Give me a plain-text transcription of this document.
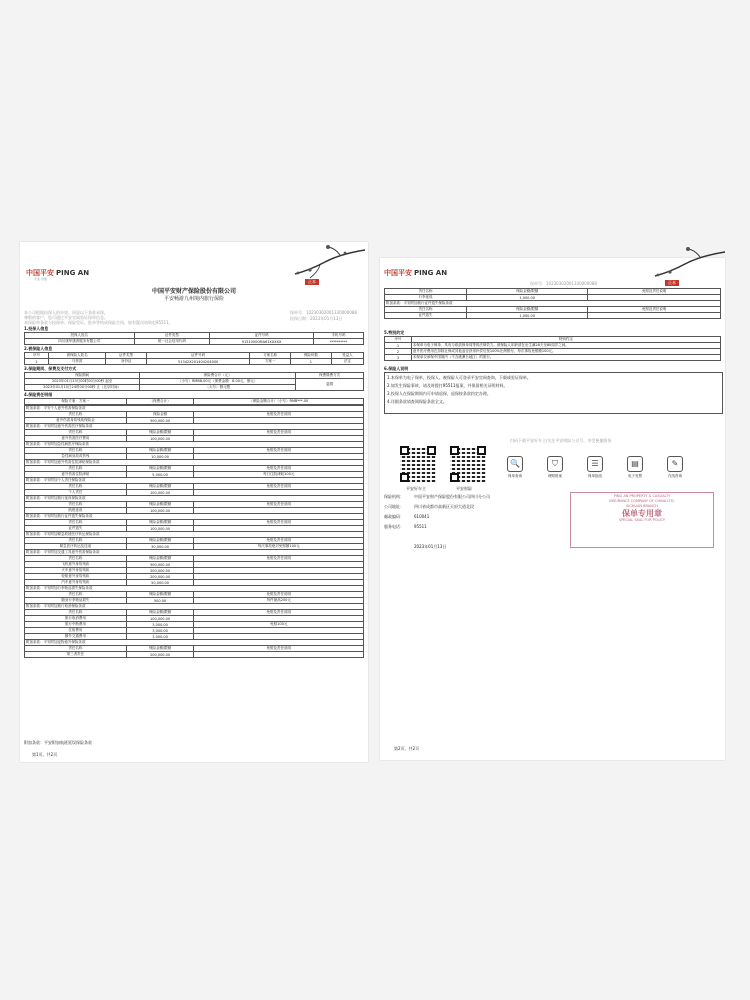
中国平安 PING AN
专业·价值	正本
中国平安财产保险股份有限公司
平安畅游九州境内旅行保险
本公司根据投保人的申请，同意以下条款承保。
尊敬的客户，您可通过平安官网验证保单信息。
本保险单条款与投保单、保险凭证、批单等构成保险合同，如有疑问请致电95511。
保单号：10230302001330000088
投保日期：2023年01月13日
1.投保人信息
投保人姓名	证件类型	证件号码	手机号码
四川康华康养服务有限公司	统一社会信用代码	91510000MA61XXXXX	**********
2.被保险人信息
序号	被保险人姓名	证件类型	证件号码	方案名称	保险份数	受益人
1	马梓淇	身份证	51342X201404204000	方案一	1	法定
3.保险期间、保费及支付方式
保险期间	保险费合计（元）	保费缴费方式
2023年01月13日00时00分00秒 起至	（小写）RMB8.00元（保费金额：8.00元，捌元）	趸缴
2023年01月15日24时00分00秒 止（北京时间）	（大写）捌元整	
4.保险责任明细
保险方案：方案一	（保费合计）	（保险金额合计）（小写）RMB***.00
附加条款：平安个人意外伤害保险条款		
责任名称	保险金额	免赔及责任说明
意外伤害身故残疾保险金	500,000.00	
附加条款：平安附加意外伤害医疗保险条款		
责任名称	保险金额/限额	免赔及责任说明
意外伤害医疗费用	100,000.00	
附加条款：平安附加急性病医疗保险条款		
责任名称	保险金额/限额	免赔及责任说明
急性病身故或伤残	10,000.00	
附加条款：平安附加意外伤害住院津贴保险条款		
责任名称	保险金额/限额	免赔及责任说明
意外伤害住院津贴	5,000.00	每日住院津贴100元
附加条款：平安附加个人责任保险条款		
责任名称	保险金额/限额	免赔及责任说明
个人责任	100,000.00	
附加条款：平安附加旅行延误保险条款		
责任名称	保险金额/限额	免赔及责任说明
航班延误	100,000.00	
附加条款：平安附加旅行证件遗失保险条款		
责任名称	保险金额/限额	免赔及责任说明
证件遗失	100,000.00	
附加条款：平安附加紧急救援医疗转运保险条款		
责任名称	保险金额/限额	免赔及责任说明
紧急医疗转运及送返	30,000.00	每次事故绝对免赔额100元
附加条款：平安附加交通工具意外伤害保险条款		
责任名称	保险金额/限额	免赔及责任说明
飞机意外身故残疾	500,000.00	
火车意外身故残疾	200,000.00	
轮船意外身故残疾	200,000.00	
汽车意外身故残疾	50,000.00	
附加条款：平安附加行李物品损失保险条款		
责任名称	保险金额/限额	免赔及责任说明
随身行李物品损失	500.00	每件最高200元
附加条款：平安附加旅行取消保险条款		
责任名称	保险金额/限额	免赔及责任说明
旅行取消费用	100,000.00	
旅行中断费用	3,000.00	免赔100元
住宿费用	3,000.00	
额外交通费用	3,000.00	
附加条款：平安附加宠物意外保险条款		
责任名称	保险金额/限额	免赔及责任说明
第三者责任	200,000.00	
附加条款：平安附加航班延误保险条款
第1页，共2页
中国平安 PING AN
保单号：10230302001330000088	正本
责任名称	保险金额/限额	免赔及责任说明
行李延误	1,000.00	
附加条款：平安附加旅行证件遗失保险条款		
责任名称	保险金额/限额	免赔及责任说明
证件遗失	1,000.00	
5.特别约定
序号	特别约定
1	本保单为电子保单，具有与纸质保单同等的法律效力。被保险人年龄须在出生满28天至80周岁之间。
2	意外医疗费用在扣除社保或其他途径获得补偿后按100%比例赔付，每次事故免赔额100元。
3	本保单仅承保中国境内（不含港澳台地区）的旅行。
6.保险人说明
1.本保单为电子保单，投保人、被保险人可登录平安官网查询、下载或验证保单。
2.如发生保险事故，请及时拨打95511报案，并保留相关证明材料。
3.投保人在保险期间内可申请退保，退保按条款约定办理。
4.详细条款请查阅保险条款全文。
扫码下载平安好车主/关注平安财险公众号，享受便捷服务
平安好车主	平安财险
🔍
保单查询
⛉
理赔报案
☰
保单批改
▤
电子发票
✎
在线咨询
保险机构：	中国平安财产保险股份有限公司四川分公司
公司地址：	四川省成都市高新区天府大道北段
邮政编码：	610041
服务电话：	95511
2023年01月13日
PING AN PROPERTY & CASUALTY
INSURANCE COMPANY OF CHINA LTD.
SICHUAN BRANCH
保单专用章
SPECIAL SEAL FOR POLICY
第2页，共2页
